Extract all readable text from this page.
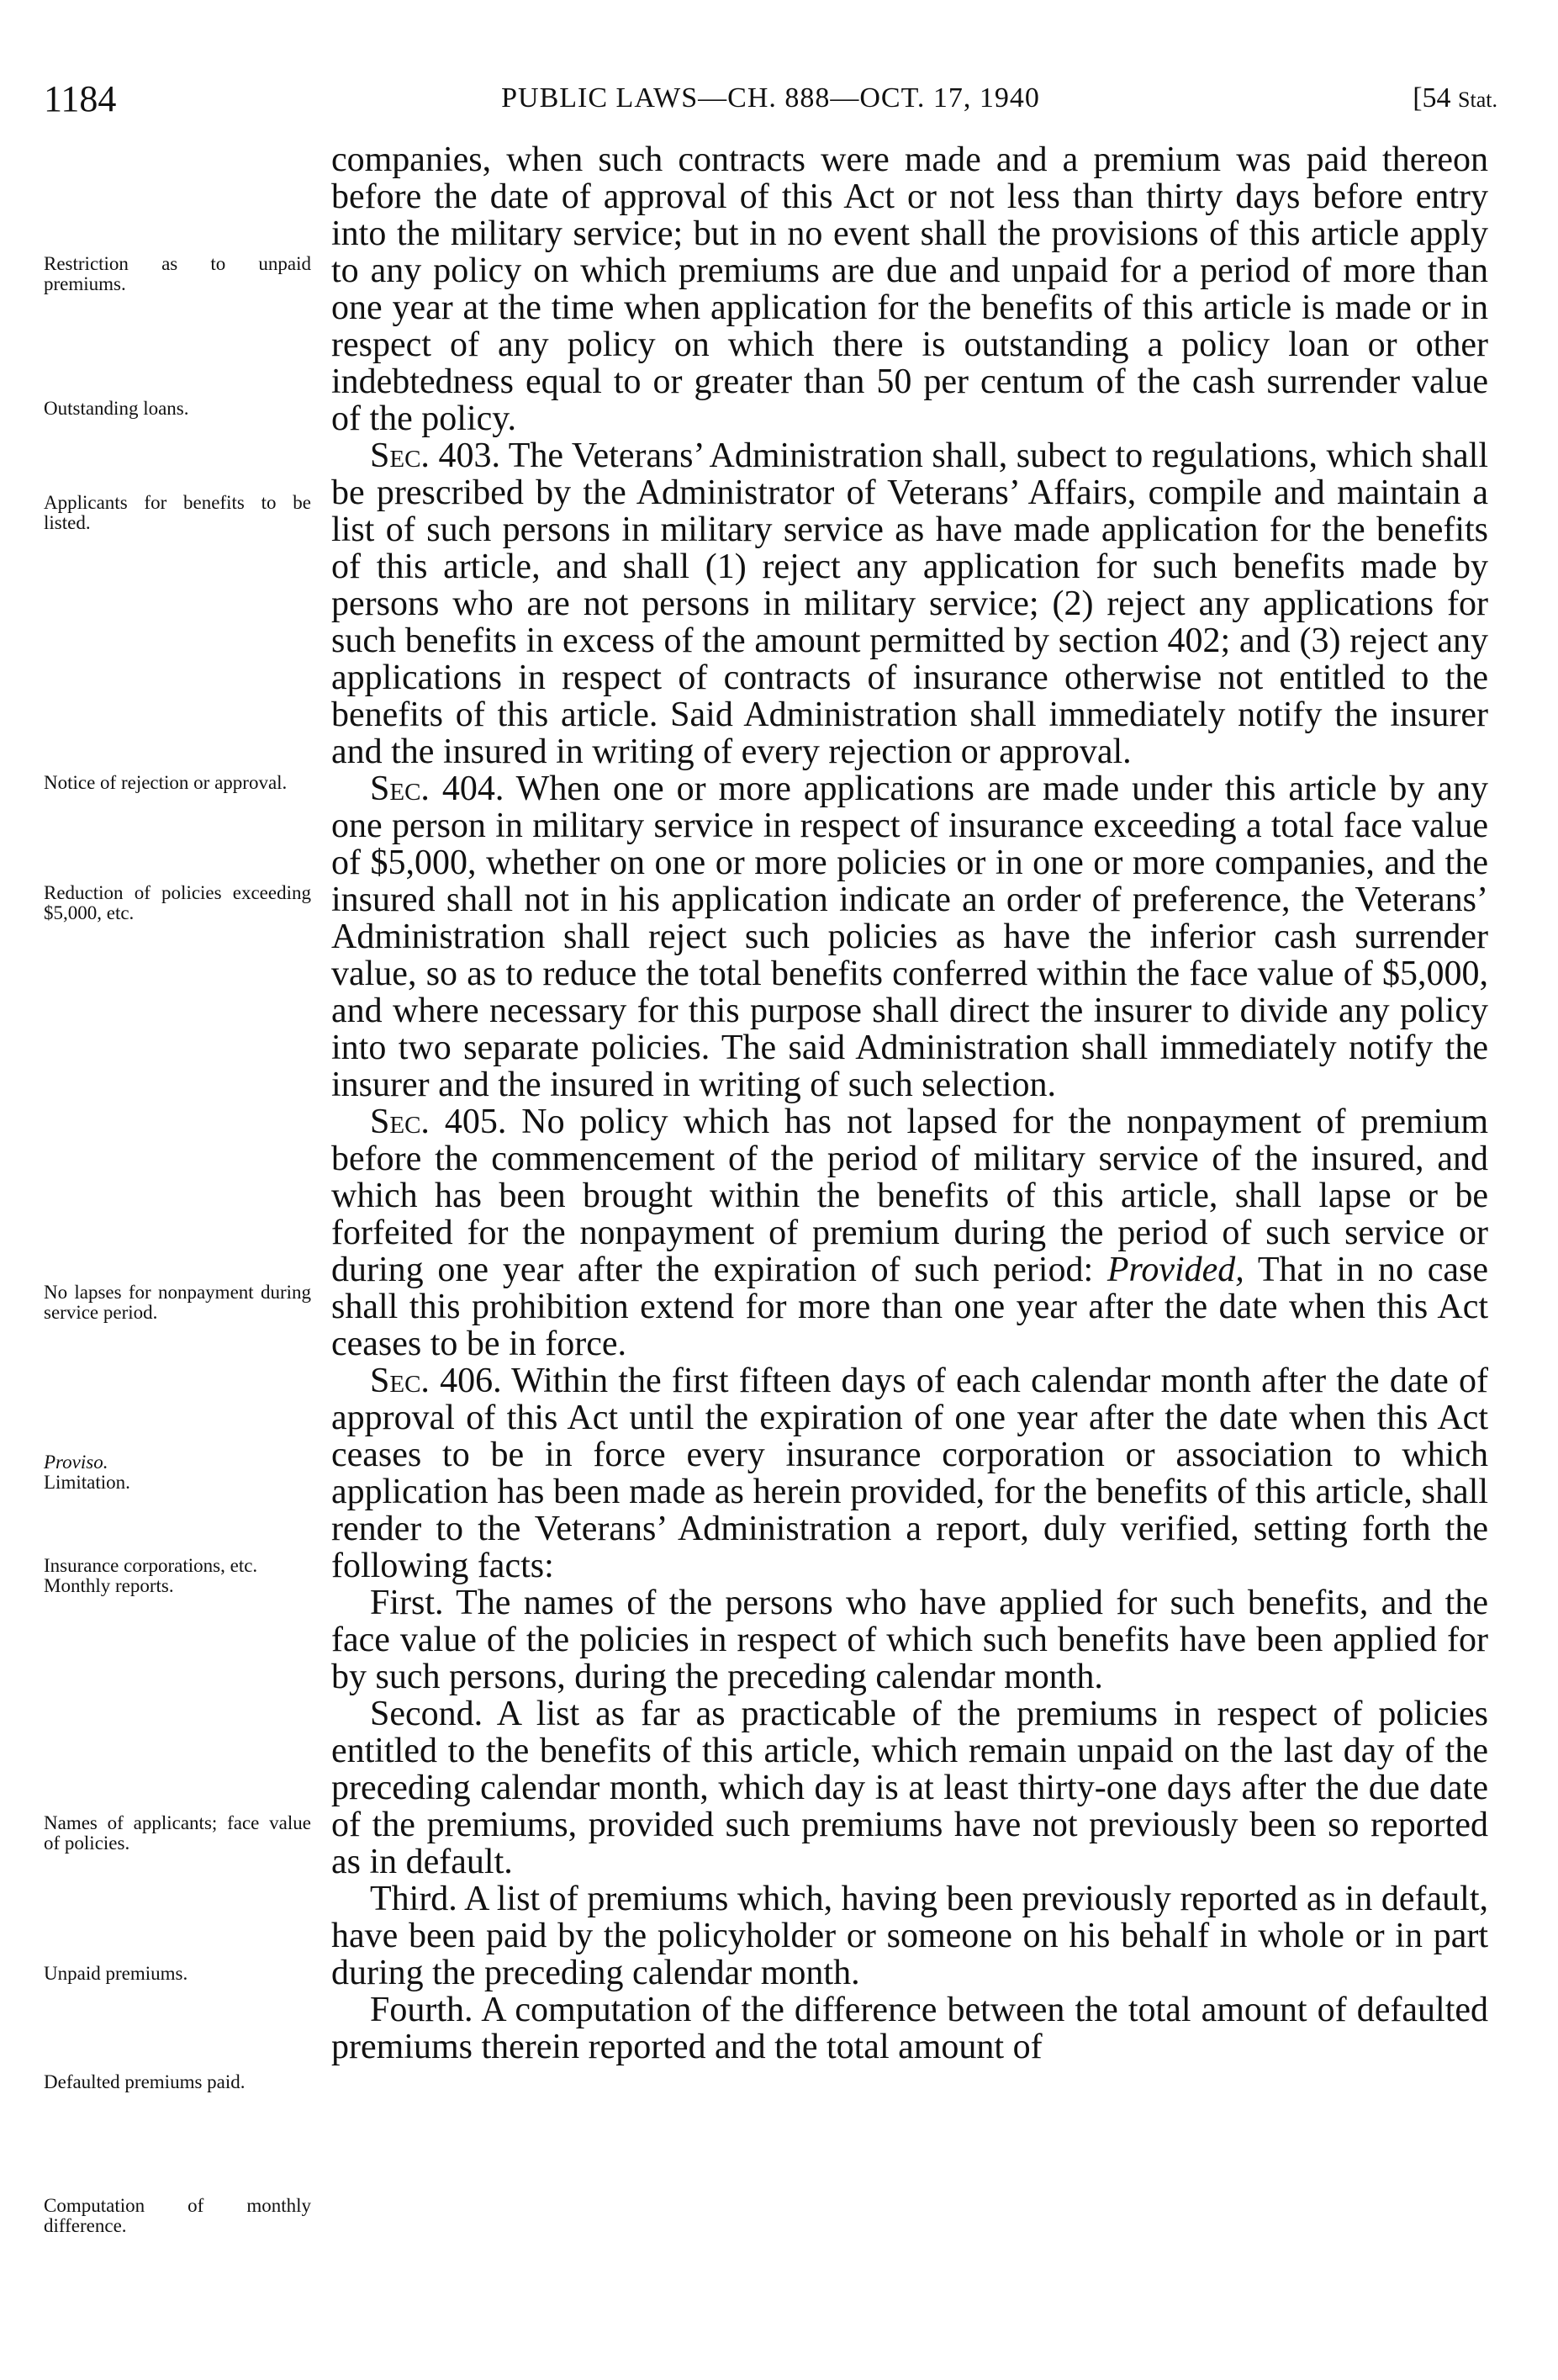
1184	PUBLIC LAWS—CH. 888—OCT. 17, 1940	[54 Stat.
Restriction as to unpaid premiums.
Outstanding loans.
Applicants for benefits to be listed.
Notice of rejection or approval.
Reduction of policies exceeding $5,000, etc.
No lapses for nonpayment during service period.
Proviso.
Limitation.
Insurance corporations, etc.
Monthly reports.
Names of applicants; face value of policies.
Unpaid premiums.
Defaulted premiums paid.
Computation of monthly difference.

companies, when such contracts were made and a premium was paid thereon before the date of approval of this Act or not less than thirty days before entry into the military service; but in no event shall the provisions of this article apply to any policy on which premiums are due and unpaid for a period of more than one year at the time when application for the benefits of this article is made or in respect of any policy on which there is outstanding a policy loan or other indebtedness equal to or greater than 50 per centum of the cash surrender value of the policy.

Sec. 403. The Veterans’ Administration shall, subect to regulations, which shall be prescribed by the Administrator of Veterans’ Affairs, compile and maintain a list of such persons in military service as have made application for the benefits of this article, and shall (1) reject any application for such benefits made by persons who are not persons in military service; (2) reject any applications for such benefits in excess of the amount permitted by section 402; and (3) reject any applications in respect of contracts of insurance otherwise not entitled to the benefits of this article. Said Administration shall immediately notify the insurer and the insured in writing of every rejection or approval.

Sec. 404. When one or more applications are made under this article by any one person in military service in respect of insurance exceeding a total face value of $5,000, whether on one or more policies or in one or more companies, and the insured shall not in his application indicate an order of preference, the Veterans’ Administration shall reject such policies as have the inferior cash surrender value, so as to reduce the total benefits conferred within the face value of $5,000, and where necessary for this purpose shall direct the insurer to divide any policy into two separate policies. The said Administration shall immediately notify the insurer and the insured in writing of such selection.

Sec. 405. No policy which has not lapsed for the nonpayment of premium before the commencement of the period of military service of the insured, and which has been brought within the benefits of this article, shall lapse or be forfeited for the nonpayment of premium during the period of such service or during one year after the expiration of such period: Provided, That in no case shall this prohibition extend for more than one year after the date when this Act ceases to be in force.

Sec. 406. Within the first fifteen days of each calendar month after the date of approval of this Act until the expiration of one year after the date when this Act ceases to be in force every insurance corporation or association to which application has been made as herein provided, for the benefits of this article, shall render to the Veterans’ Administration a report, duly verified, setting forth the following facts:

First. The names of the persons who have applied for such benefits, and the face value of the policies in respect of which such benefits have been applied for by such persons, during the preceding calendar month.

Second. A list as far as practicable of the premiums in respect of policies entitled to the benefits of this article, which remain unpaid on the last day of the preceding calendar month, which day is at least thirty-one days after the due date of the premiums, provided such premiums have not previously been so reported as in default.

Third. A list of premiums which, having been previously reported as in default, have been paid by the policyholder or someone on his behalf in whole or in part during the preceding calendar month.

Fourth. A computation of the difference between the total amount of defaulted premiums therein reported and the total amount of
